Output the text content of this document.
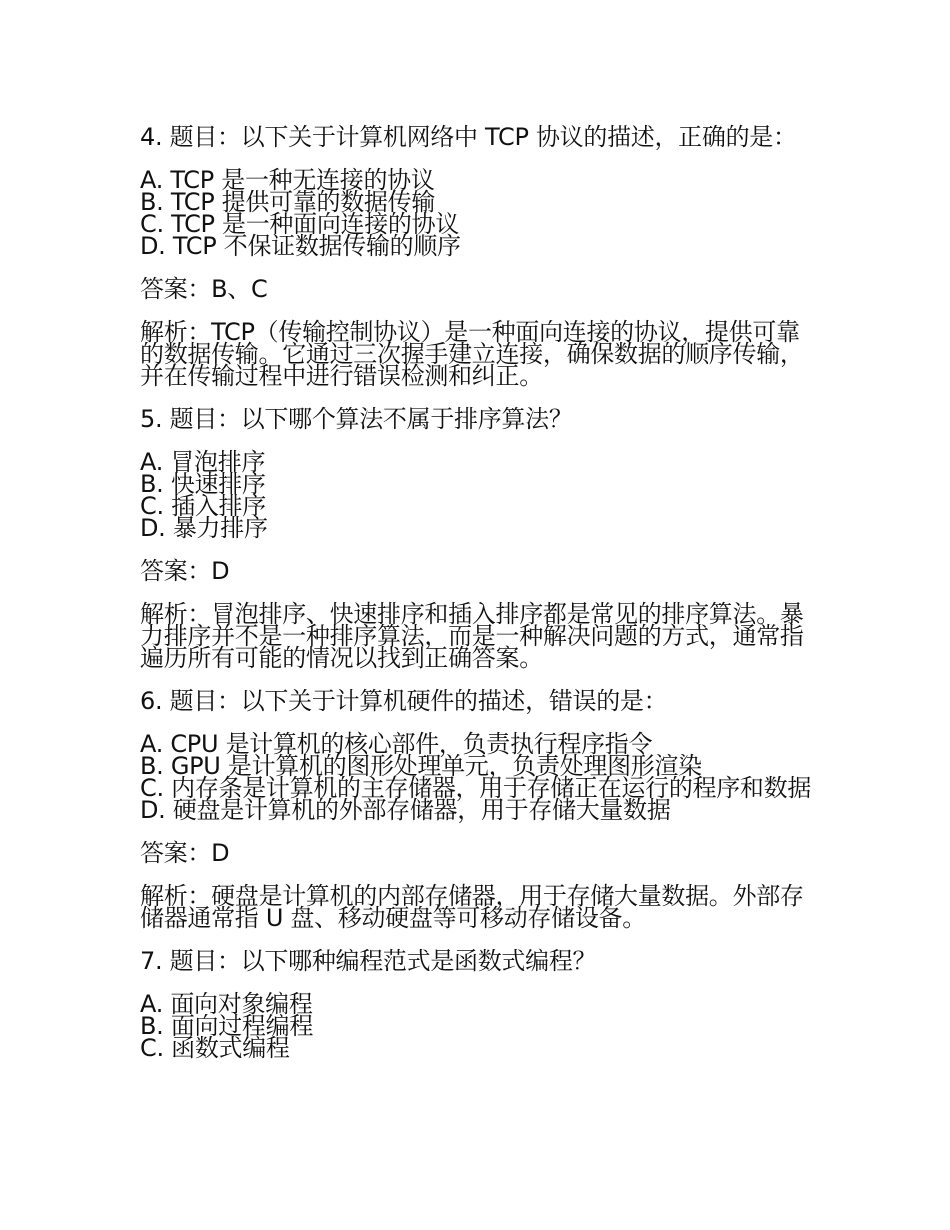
4. 题目：以下关于计算机网络中 TCP 协议的描述，正确的是：
A. TCP 是一种无连接的协议
B. TCP 提供可靠的数据传输
C. TCP 是一种面向连接的协议
D. TCP 不保证数据传输的顺序
答案：B、C
解析：TCP（传输控制协议）是一种面向连接的协议，提供可靠的数据传输。它通过三次握手建立连接，确保数据的顺序传输，并在传输过程中进行错误检测和纠正。
5. 题目：以下哪个算法不属于排序算法？
A. 冒泡排序
B. 快速排序
C. 插入排序
D. 暴力排序
答案：D
解析：冒泡排序、快速排序和插入排序都是常见的排序算法。暴力排序并不是一种排序算法，而是一种解决问题的方式，通常指遍历所有可能的情况以找到正确答案。
6. 题目：以下关于计算机硬件的描述，错误的是：
A. CPU 是计算机的核心部件，负责执行程序指令
B. GPU 是计算机的图形处理单元，负责处理图形渲染
C. 内存条是计算机的主存储器，用于存储正在运行的程序和数据
D. 硬盘是计算机的外部存储器，用于存储大量数据
答案：D
解析：硬盘是计算机的内部存储器，用于存储大量数据。外部存储器通常指 U 盘、移动硬盘等可移动存储设备。
7. 题目：以下哪种编程范式是函数式编程？
A. 面向对象编程
B. 面向过程编程
C. 函数式编程
